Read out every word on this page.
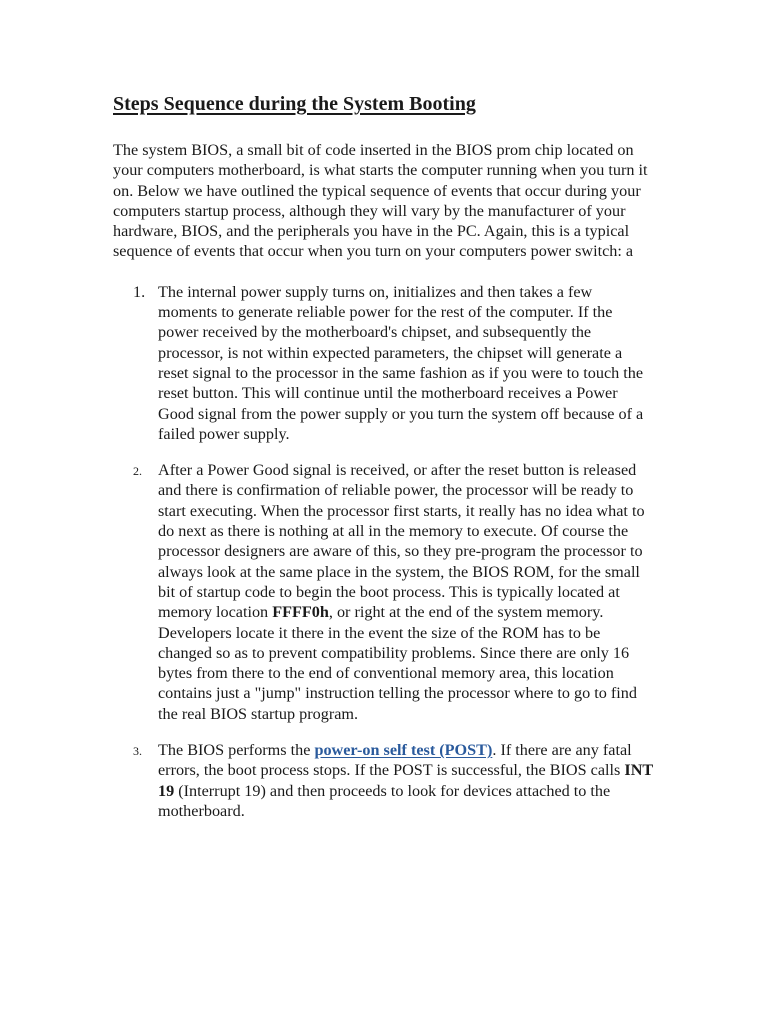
Steps Sequence during the System Booting

The system BIOS, a small bit of code inserted in the BIOS prom chip located on your computers motherboard, is what starts the computer running when you turn it on. Below we have outlined the typical sequence of events that occur during your computers startup process, although they will vary by the manufacturer of your hardware, BIOS, and the peripherals you have in the PC. Again, this is a typical sequence of events that occur when you turn on your computers power switch: a

1. The internal power supply turns on, initializes and then takes a few moments to generate reliable power for the rest of the computer. If the power received by the motherboard's chipset, and subsequently the processor, is not within expected parameters, the chipset will generate a reset signal to the processor in the same fashion as if you were to touch the reset button. This will continue until the motherboard receives a Power Good signal from the power supply or you turn the system off because of a failed power supply.
2. After a Power Good signal is received, or after the reset button is released and there is confirmation of reliable power, the processor will be ready to start executing. When the processor first starts, it really has no idea what to do next as there is nothing at all in the memory to execute. Of course the processor designers are aware of this, so they pre-program the processor to always look at the same place in the system, the BIOS ROM, for the small bit of startup code to begin the boot process. This is typically located at memory location FFFF0h, or right at the end of the system memory. Developers locate it there in the event the size of the ROM has to be changed so as to prevent compatibility problems. Since there are only 16 bytes from there to the end of conventional memory area, this location contains just a "jump" instruction telling the processor where to go to find the real BIOS startup program.
3. The BIOS performs the power-on self test (POST). If there are any fatal errors, the boot process stops. If the POST is successful, the BIOS calls INT 19 (Interrupt 19) and then proceeds to look for devices attached to the motherboard.
